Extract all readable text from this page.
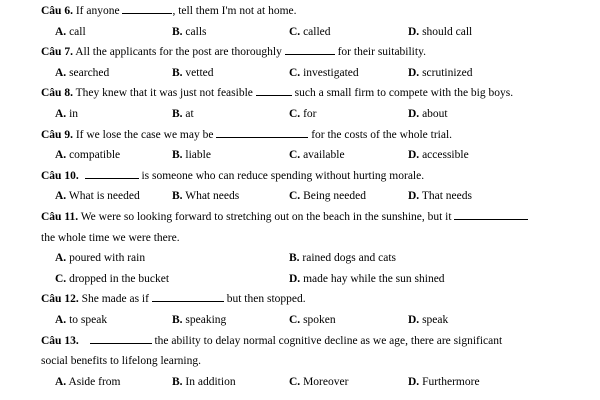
Câu 6. If anyone	, tell them I'm not at home.
A. call	B. calls	C. called	D. should call
Câu 7. All the applicants for the post are thoroughly	for their suitability.
A. searched	B. vetted	C. investigated	D. scrutinized
Câu 8. They knew that it was just not feasible	such a small firm to compete with the big boys.
A. in	B. at	C. for	D. about
Câu 9. If we lose the case we may be	for the costs of the whole trial.
A. compatible	B. liable	C. available	D. accessible
Câu 10.	is someone who can reduce spending without hurting morale.
A. What is needed	B. What needs	C. Being needed	D. That needs
Câu 11. We were so looking forward to stretching out on the beach in the sunshine, but it
the whole time we were there.
A. poured with rain	B. rained dogs and cats
C. dropped in the bucket	D. made hay while the sun shined
Câu 12. She made as if	but then stopped.
A. to speak	B. speaking	C. spoken	D. speak
Câu 13.	the ability to delay normal cognitive decline as we age, there are significant
social benefits to lifelong learning.
A. Aside from	B. In addition	C. Moreover	D. Furthermore
